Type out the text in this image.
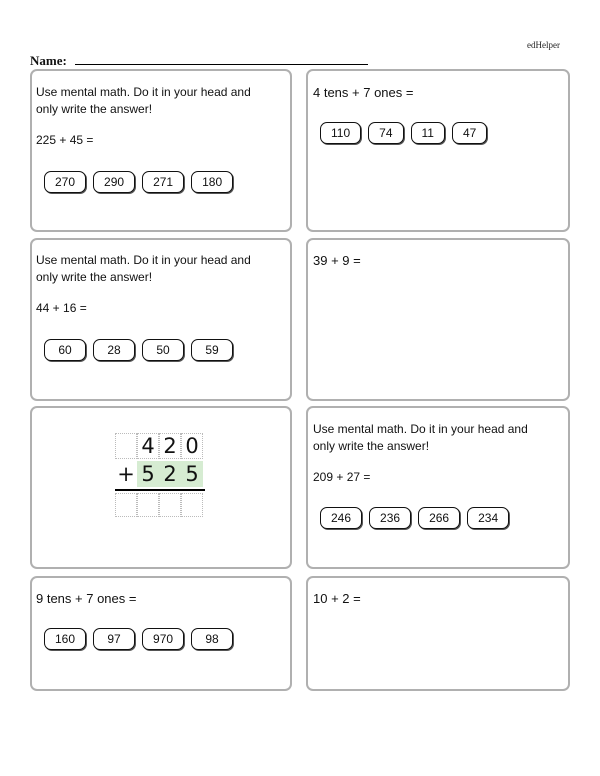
edHelper
Name:
Use mental math. Do it in your head and only write the answer!
225 + 45 =
270	290	271	180
4 tens + 7 ones =
110	74	11	47
Use mental math. Do it in your head and only write the answer!
44 + 16 =
60	28	50	59
39 + 9 =
4 2 0
+ 5 2 5
Use mental math. Do it in your head and only write the answer!
209 + 27 =
246	236	266	234
9 tens + 7 ones =
160	97	970	98
10 + 2 =
